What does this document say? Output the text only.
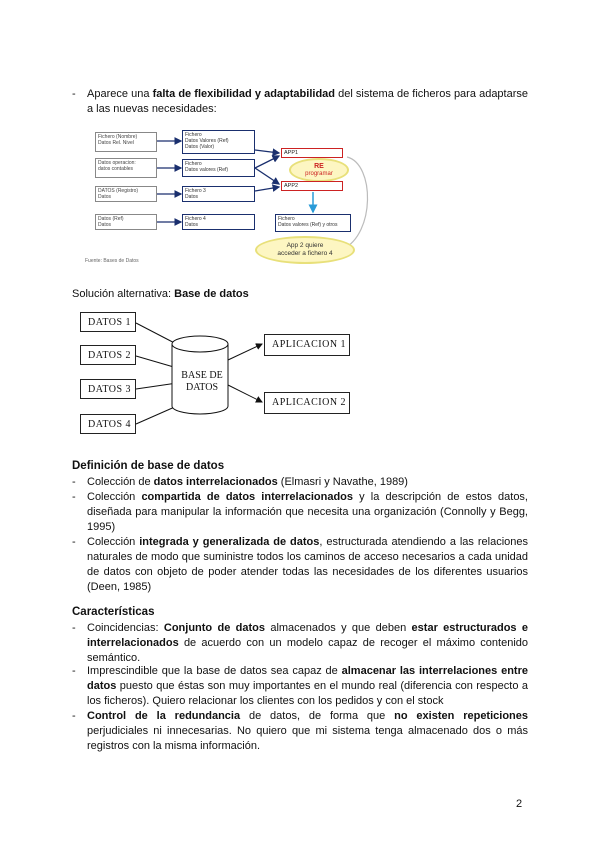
-	Aparece una falta de flexibilidad y adaptabilidad del sistema de ficheros para adaptarse a las nuevas necesidades:

Fichero (Nombre)
Datos Rel. Nivel
Datos operacion:
datos contables
DATOS (Registro)
Datos
Datos (Ref)
Datos
Fichero
Datos Valores (Ref)
Datos (Valor)
Fichero
Datos valores (Ref)
Fichero 3
Datos
Fichero 4
Datos
APP1
RE
programar
APP2
Fichero
Datos valores (Ref) y otros
App 2 quiere
acceder a fichero 4
Fuente: Bases de Datos
Solución alternativa: Base de datos
DATOS 1
DATOS 2
DATOS 3
DATOS 4
BASE DE
DATOS
APLICACION 1
APLICACION 2
Definición de base de datos
-	Colección de datos interrelacionados (Elmasri y Navathe, 1989)

-	Colección compartida de datos interrelacionados y la descripción de estos datos, diseñada para manipular la información que necesita una organización (Connolly y Begg, 1995)

-	Colección integrada y generalizada de datos, estructurada atendiendo a las relaciones naturales de modo que suministre todos los caminos de acceso necesarios a cada unidad de datos con objeto de poder atender todas las necesidades de los diferentes usuarios (Deen, 1985)

Características
-	Coincidencias: Conjunto de datos almacenados y que deben estar estructurados e interrelacionados de acuerdo con un modelo capaz de recoger el máximo contenido semántico.

-	Imprescindible que la base de datos sea capaz de almacenar las interrelaciones entre datos puesto que éstas son muy importantes en el mundo real (diferencia con respecto a los ficheros). Quiero relacionar los clientes con los pedidos y con el stock

-	Control de la redundancia de datos, de forma que no existen repeticiones perjudiciales ni innecesarias. No quiero que mi sistema tenga almacenado dos o más registros con la misma información.

2
